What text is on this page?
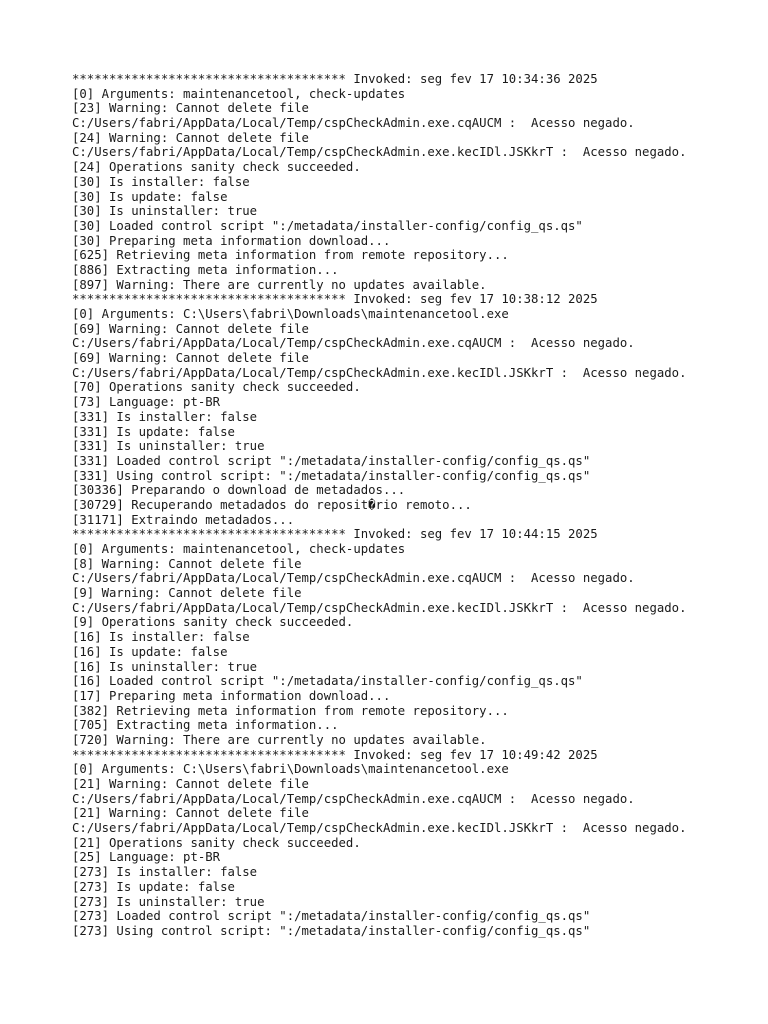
************************************* Invoked: seg fev 17 10:34:36 2025
[0] Arguments: maintenancetool, check-updates
[23] Warning: Cannot delete file
C:/Users/fabri/AppData/Local/Temp/cspCheckAdmin.exe.cqAUCM :  Acesso negado.
[24] Warning: Cannot delete file
C:/Users/fabri/AppData/Local/Temp/cspCheckAdmin.exe.kecIDl.JSKkrT :  Acesso negado.
[24] Operations sanity check succeeded.
[30] Is installer: false
[30] Is update: false
[30] Is uninstaller: true
[30] Loaded control script ":/metadata/installer-config/config_qs.qs"
[30] Preparing meta information download...
[625] Retrieving meta information from remote repository...
[886] Extracting meta information...
[897] Warning: There are currently no updates available.
************************************* Invoked: seg fev 17 10:38:12 2025
[0] Arguments: C:\Users\fabri\Downloads\maintenancetool.exe
[69] Warning: Cannot delete file
C:/Users/fabri/AppData/Local/Temp/cspCheckAdmin.exe.cqAUCM :  Acesso negado.
[69] Warning: Cannot delete file
C:/Users/fabri/AppData/Local/Temp/cspCheckAdmin.exe.kecIDl.JSKkrT :  Acesso negado.
[70] Operations sanity check succeeded.
[73] Language: pt-BR
[331] Is installer: false
[331] Is update: false
[331] Is uninstaller: true
[331] Loaded control script ":/metadata/installer-config/config_qs.qs"
[331] Using control script: ":/metadata/installer-config/config_qs.qs"
[30336] Preparando o download de metadados...
[30729] Recuperando metadados do reposit�rio remoto...
[31171] Extraindo metadados...
************************************* Invoked: seg fev 17 10:44:15 2025
[0] Arguments: maintenancetool, check-updates
[8] Warning: Cannot delete file
C:/Users/fabri/AppData/Local/Temp/cspCheckAdmin.exe.cqAUCM :  Acesso negado.
[9] Warning: Cannot delete file
C:/Users/fabri/AppData/Local/Temp/cspCheckAdmin.exe.kecIDl.JSKkrT :  Acesso negado.
[9] Operations sanity check succeeded.
[16] Is installer: false
[16] Is update: false
[16] Is uninstaller: true
[16] Loaded control script ":/metadata/installer-config/config_qs.qs"
[17] Preparing meta information download...
[382] Retrieving meta information from remote repository...
[705] Extracting meta information...
[720] Warning: There are currently no updates available.
************************************* Invoked: seg fev 17 10:49:42 2025
[0] Arguments: C:\Users\fabri\Downloads\maintenancetool.exe
[21] Warning: Cannot delete file
C:/Users/fabri/AppData/Local/Temp/cspCheckAdmin.exe.cqAUCM :  Acesso negado.
[21] Warning: Cannot delete file
C:/Users/fabri/AppData/Local/Temp/cspCheckAdmin.exe.kecIDl.JSKkrT :  Acesso negado.
[21] Operations sanity check succeeded.
[25] Language: pt-BR
[273] Is installer: false
[273] Is update: false
[273] Is uninstaller: true
[273] Loaded control script ":/metadata/installer-config/config_qs.qs"
[273] Using control script: ":/metadata/installer-config/config_qs.qs"
